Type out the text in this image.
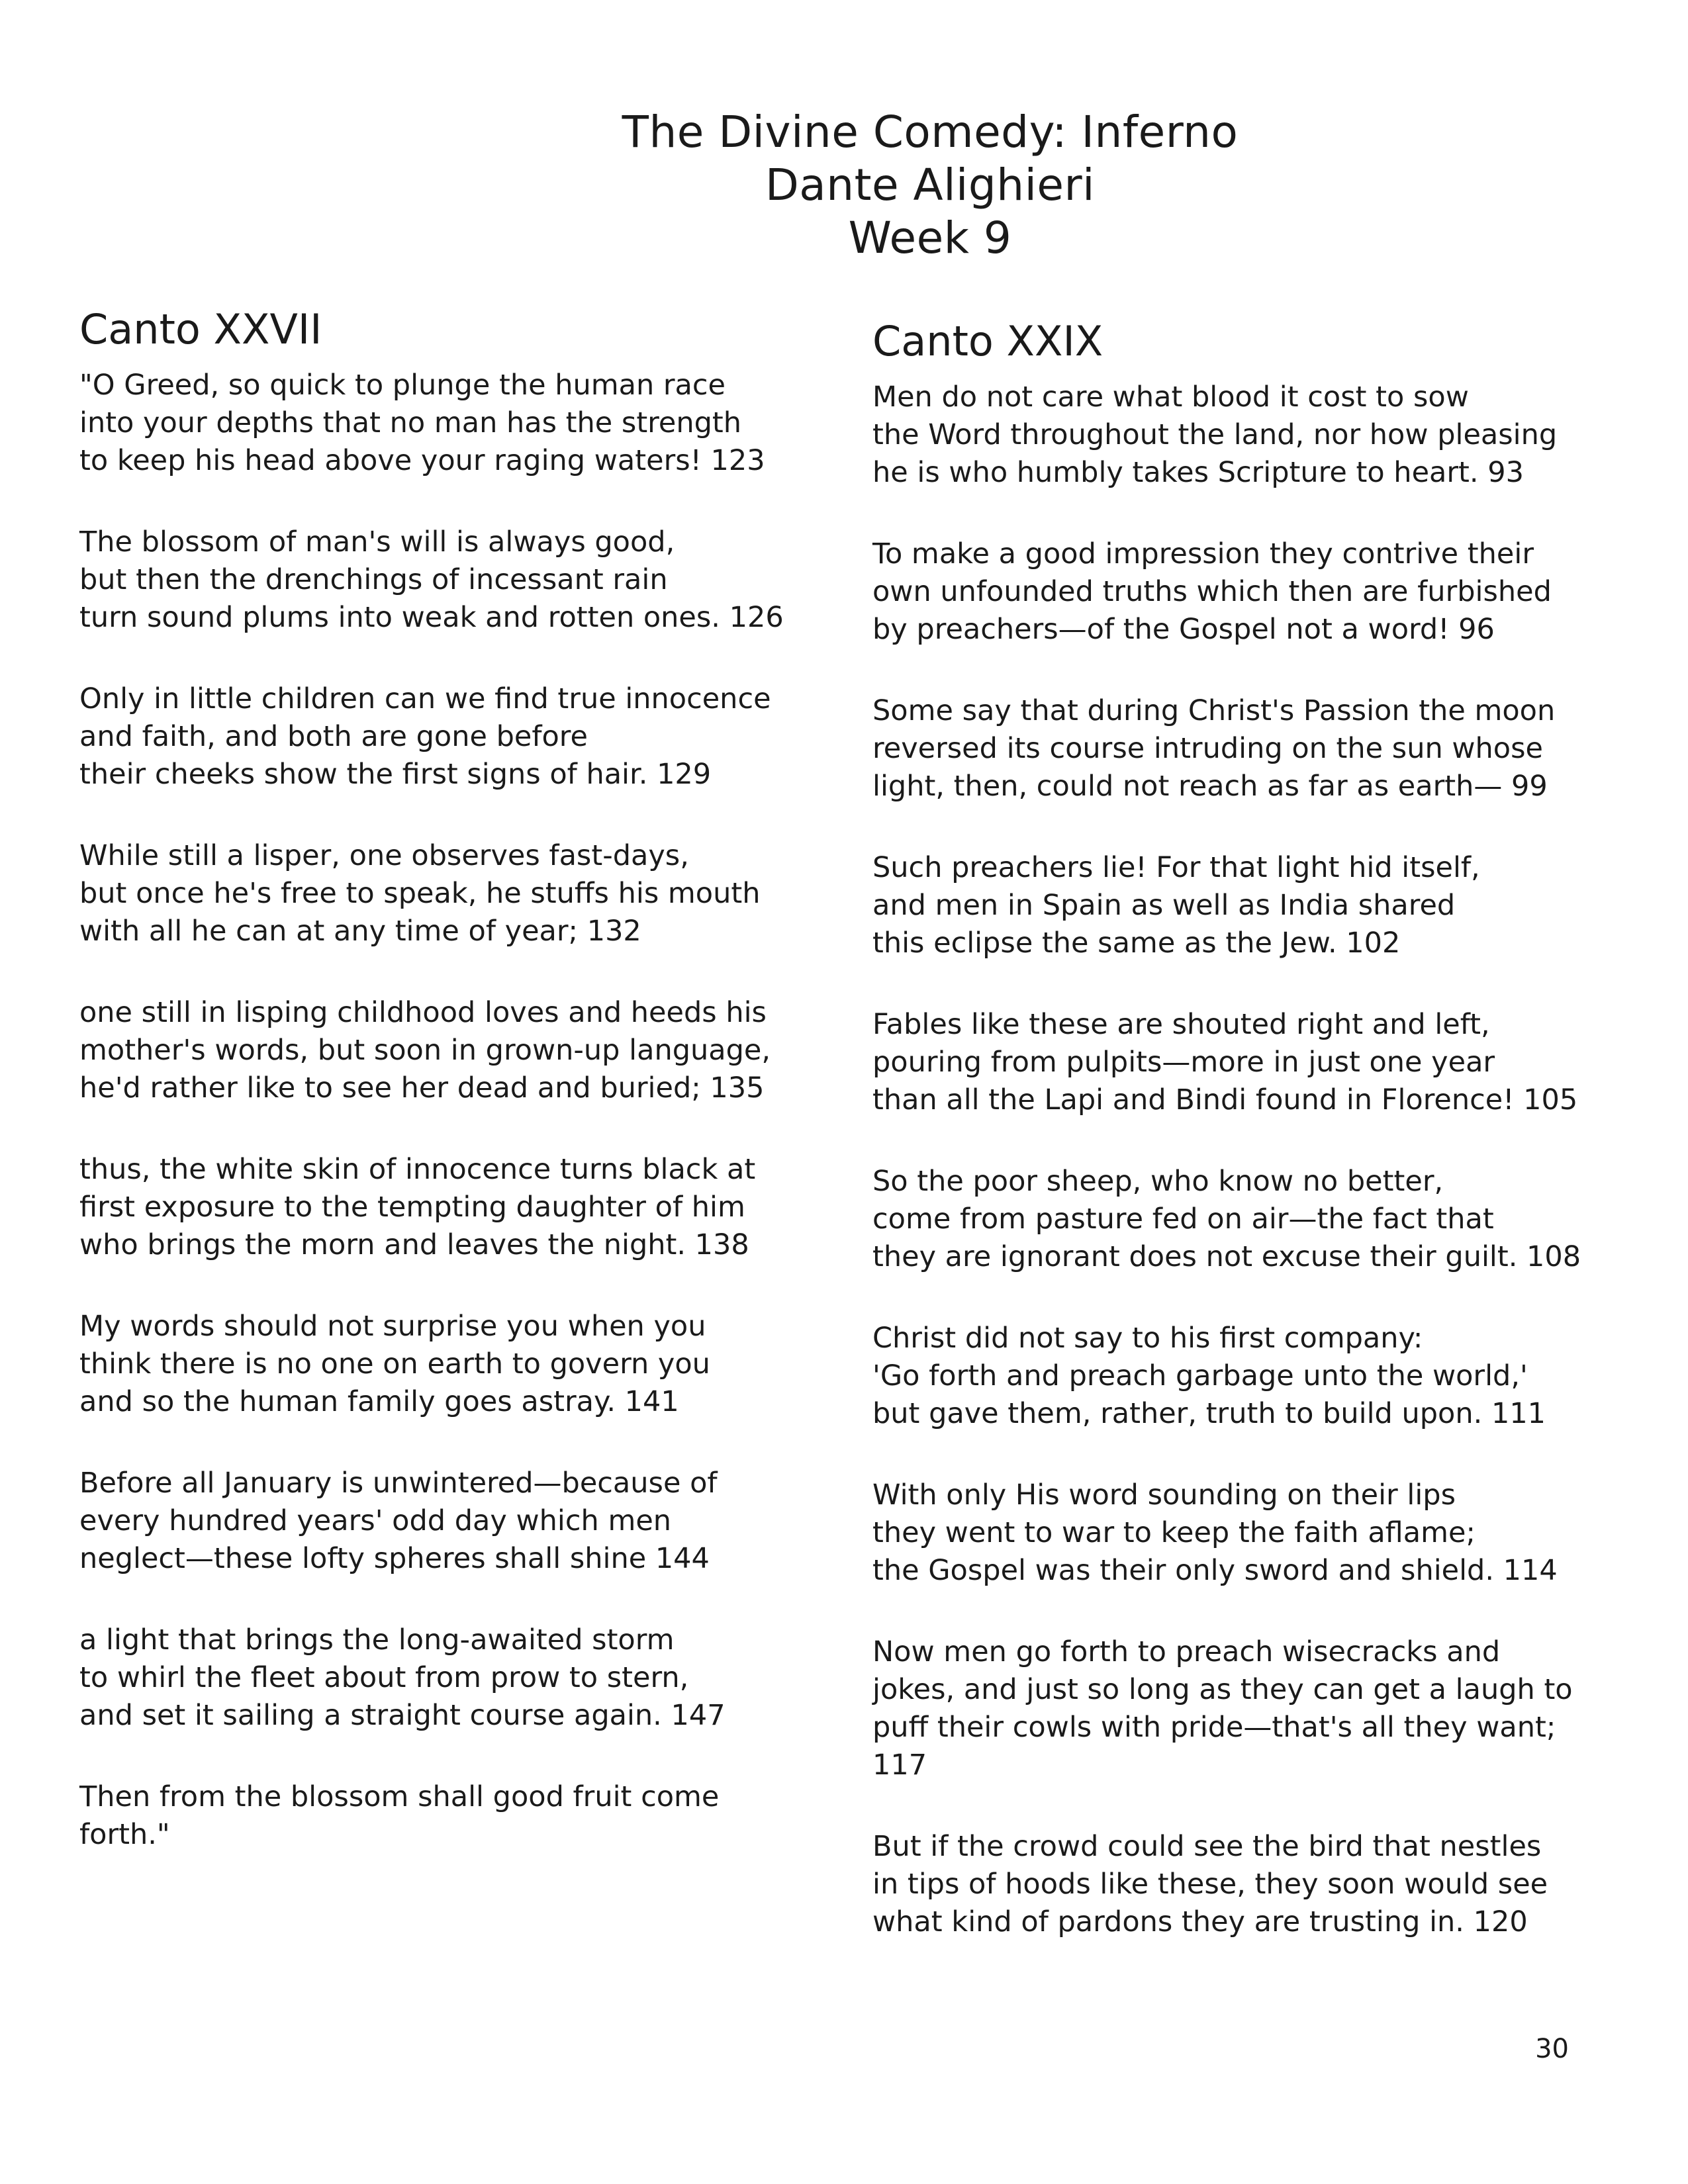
The Divine Comedy: Inferno
Dante Alighieri
Week 9
Canto XXVII
"O Greed, so quick to plunge the human race
into your depths that no man has the strength
to keep his head above your raging waters! 123
The blossom of man's will is always good,
but then the drenchings of incessant rain
turn sound plums into weak and rotten ones. 126
Only in little children can we find true innocence
and faith, and both are gone before
their cheeks show the first signs of hair. 129
While still a lisper, one observes fast-days,
but once he's free to speak, he stuffs his mouth
with all he can at any time of year; 132
one still in lisping childhood loves and heeds his
mother's words, but soon in grown-up language,
he'd rather like to see her dead and buried; 135
thus, the white skin of innocence turns black at
first exposure to the tempting daughter of him
who brings the morn and leaves the night. 138
My words should not surprise you when you
think there is no one on earth to govern you
and so the human family goes astray. 141
Before all January is unwintered—because of
every hundred years' odd day which men
neglect—these lofty spheres shall shine 144
a light that brings the long-awaited storm
to whirl the fleet about from prow to stern,
and set it sailing a straight course again. 147
Then from the blossom shall good fruit come
forth."
Canto XXIX
Men do not care what blood it cost to sow
the Word throughout the land, nor how pleasing
he is who humbly takes Scripture to heart. 93
To make a good impression they contrive their
own unfounded truths which then are furbished
by preachers—of the Gospel not a word! 96
Some say that during Christ's Passion the moon
reversed its course intruding on the sun whose
light, then, could not reach as far as earth— 99
Such preachers lie! For that light hid itself,
and men in Spain as well as India shared
this eclipse the same as the Jew. 102
Fables like these are shouted right and left,
pouring from pulpits—more in just one year
than all the Lapi and Bindi found in Florence! 105
So the poor sheep, who know no better,
come from pasture fed on air—the fact that
they are ignorant does not excuse their guilt. 108
Christ did not say to his first company:
'Go forth and preach garbage unto the world,'
but gave them, rather, truth to build upon. 111
With only His word sounding on their lips
they went to war to keep the faith aflame;
the Gospel was their only sword and shield. 114
Now men go forth to preach wisecracks and
jokes, and just so long as they can get a laugh to
puff their cowls with pride—that's all they want;
117
But if the crowd could see the bird that nestles
in tips of hoods like these, they soon would see
what kind of pardons they are trusting in. 120
30
